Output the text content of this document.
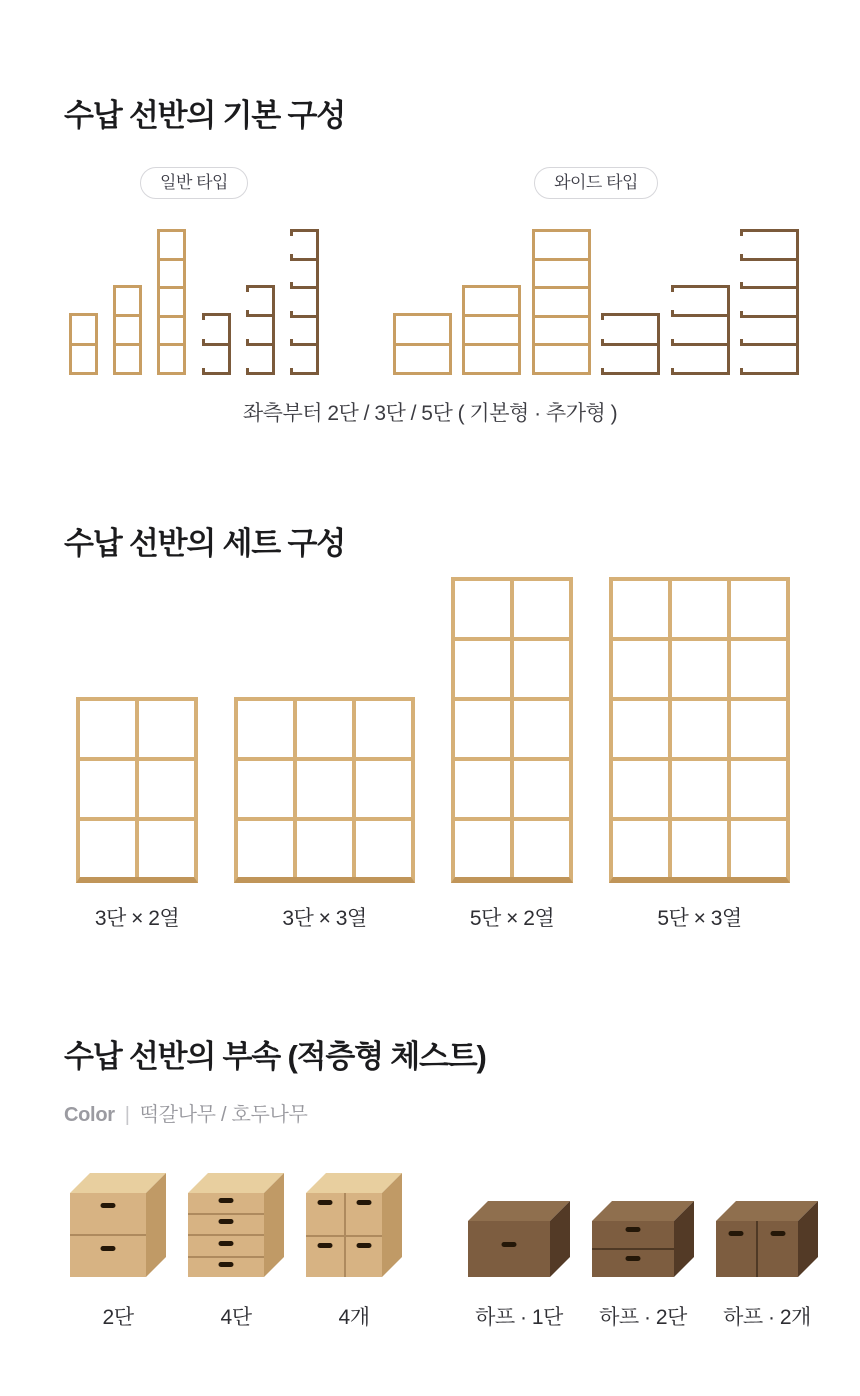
수납 선반의 기본 구성
일반 타입	와이드 타입

좌측부터 2단 / 3단 / 5단 ( 기본형 · 추가형 )

수납 선반의 세트 구성
3단 × 2열	3단 × 3열	5단 × 2열	5단 × 3열
수납 선반의 부속 (적층형 체스트)

Color | 떡갈나무 / 호두나무

2단	4단	4개	하프 · 1단 하프 · 2단 하프 · 2개
